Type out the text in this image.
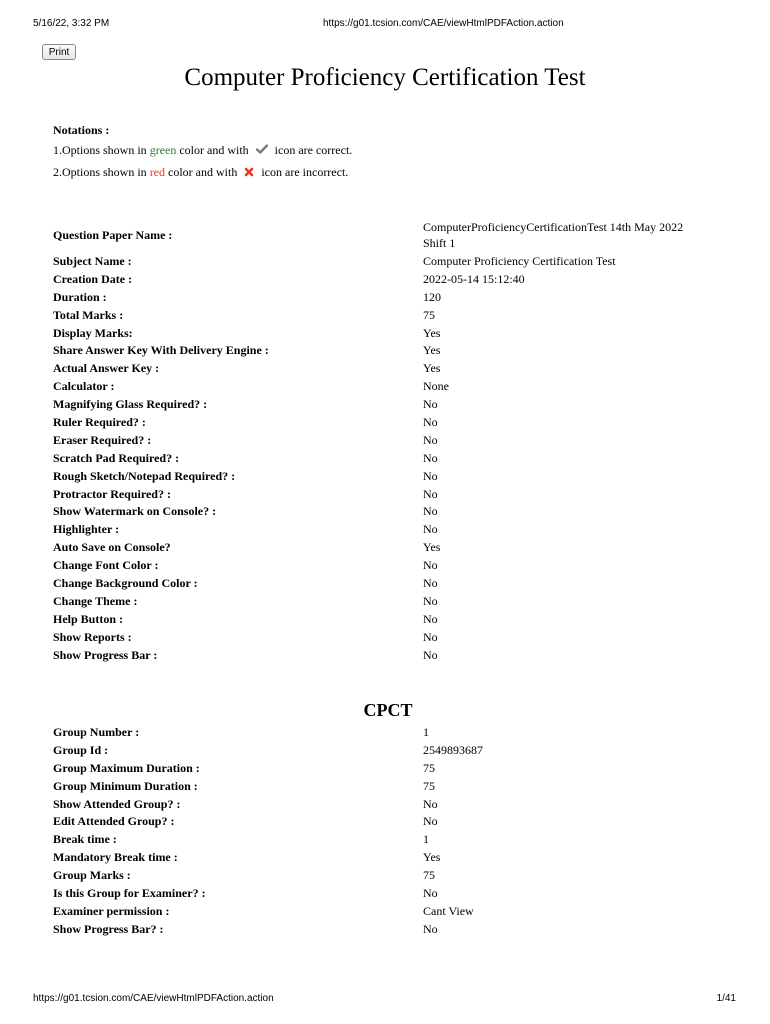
5/16/22, 3:32 PM	https://g01.tcsion.com/CAE/viewHtmlPDFAction.action
Print
Computer Proficiency Certification Test
Notations :
1.Options shown in green color and with  icon are correct.
2.Options shown in red color and with  icon are incorrect.
Question Paper Name :
ComputerProficiencyCertificationTest 14th May 2022
Shift 1
Subject Name :	Computer Proficiency Certification Test
Creation Date :	2022-05-14 15:12:40
Duration :	120
Total Marks :	75
Display Marks:	Yes
Share Answer Key With Delivery Engine :	Yes
Actual Answer Key :	Yes
Calculator :	None
Magnifying Glass Required? :	No
Ruler Required? :	No
Eraser Required? :	No
Scratch Pad Required? :	No
Rough Sketch/Notepad Required? :	No
Protractor Required? :	No
Show Watermark on Console? :	No
Highlighter :	No
Auto Save on Console?	Yes
Change Font Color :	No
Change Background Color :	No
Change Theme :	No
Help Button :	No
Show Reports :	No
Show Progress Bar :	No
CPCT
Group Number :	1
Group Id :	2549893687
Group Maximum Duration :	75
Group Minimum Duration :	75
Show Attended Group? :	No
Edit Attended Group? :	No
Break time :	1
Mandatory Break time :	Yes
Group Marks :	75
Is this Group for Examiner? :	No
Examiner permission :	Cant View
Show Progress Bar? :	No
https://g01.tcsion.com/CAE/viewHtmlPDFAction.action	1/41
